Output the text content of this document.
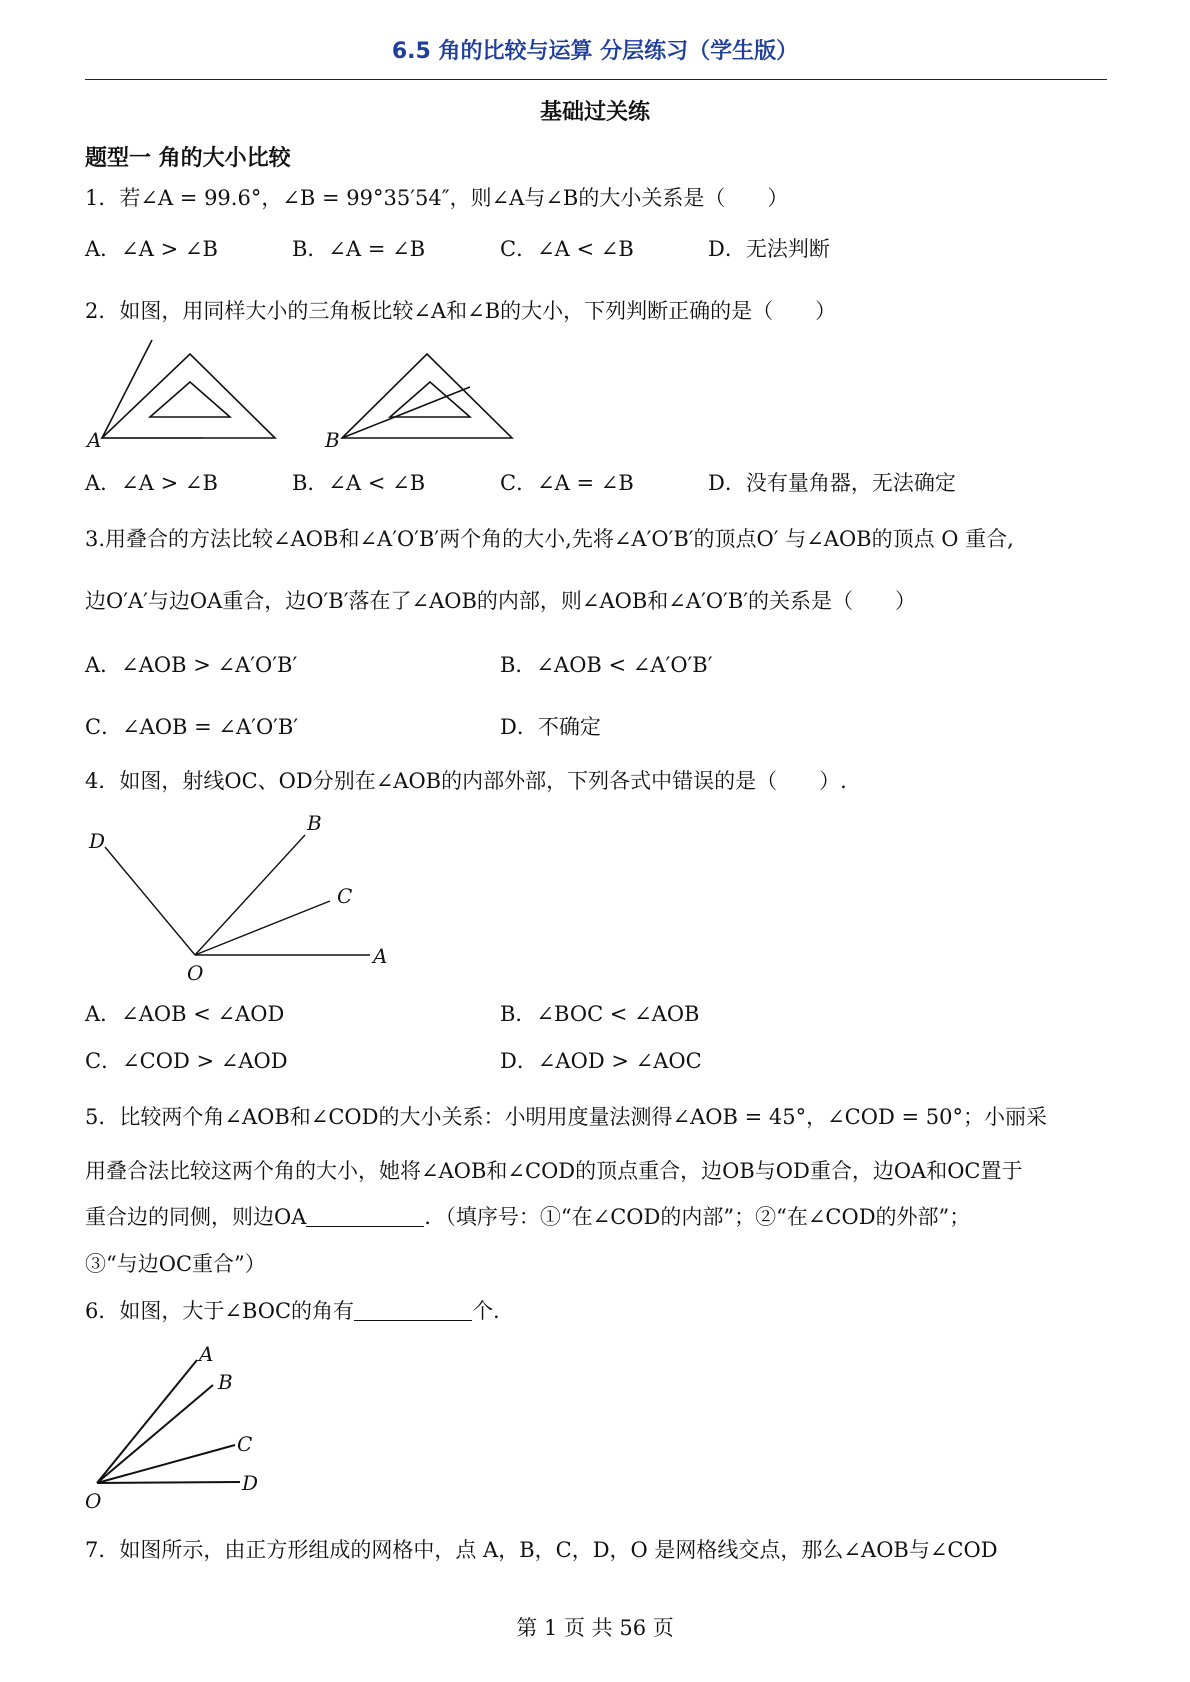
6.5 角的比较与运算 分层练习（学生版）
基础过关练
题型一 角的大小比较
1．若∠A = 99.6°，∠B = 99°35′54″，则∠A与∠B的大小关系是（　　）
A．∠A > ∠B	B．∠A = ∠B	C．∠A < ∠B	D．无法判断
2．如图，用同样大小的三角板比较∠A和∠B的大小，下列判断正确的是（　　）
A	B
A．∠A > ∠B	B．∠A < ∠B	C．∠A = ∠B	D．没有量角器，无法确定
3.用叠合的方法比较∠AOB和∠A′O′B′两个角的大小,先将∠A′O′B′的顶点O′ 与∠AOB的顶点 O 重合,
边O′A′与边OA重合，边O′B′落在了∠AOB的内部，则∠AOB和∠A′O′B′的关系是（　　）
A．∠AOB > ∠A′O′B′	B．∠AOB < ∠A′O′B′
C．∠AOB = ∠A′O′B′	D．不确定
4．如图，射线OC、OD分别在∠AOB的内部外部，下列各式中错误的是（　　）.
D
B
C
A
O
A．∠AOB < ∠AOD	B．∠BOC < ∠AOB
C．∠COD > ∠AOD	D．∠AOD > ∠AOC
5．比较两个角∠AOB和∠COD的大小关系：小明用度量法测得∠AOB = 45°，∠COD = 50°；小丽采
用叠合法比较这两个角的大小，她将∠AOB和∠COD的顶点重合，边OB与OD重合，边OA和OC置于
重合边的同侧，则边OA	．（填序号：①“在∠COD的内部”；②“在∠COD的外部”；
③“与边OC重合”）
6．如图，大于∠BOC的角有	个.
A
B
C
D
O
7．如图所示，由正方形组成的网格中，点 A，B，C，D，O 是网格线交点，那么∠AOB与∠COD
第 1 页 共 56 页
